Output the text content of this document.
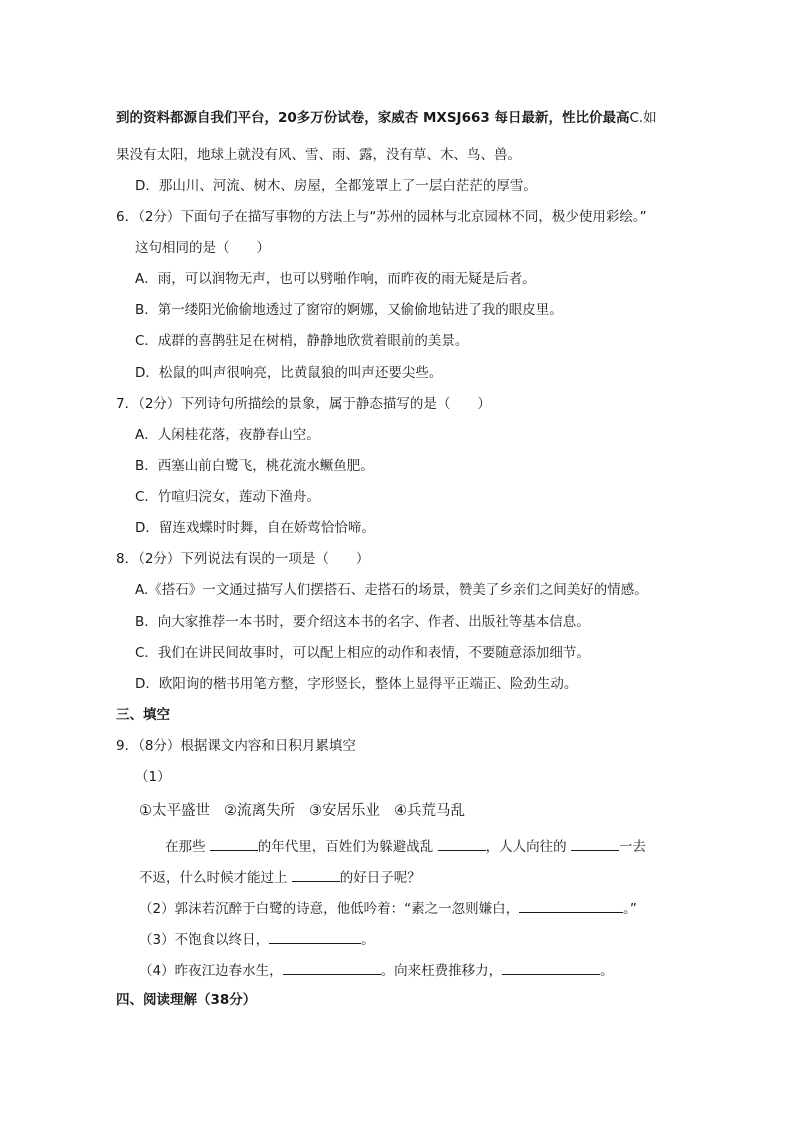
到的资料都源自我们平台，20多万份试卷，家威杏 MXSJ663 每日最新，性比价最高C.如
果没有太阳，地球上就没有风、雪、雨、露，没有草、木、鸟、兽。
D．那山川、河流、树木、房屋，全都笼罩上了一层白茫茫的厚雪。
6．（2分）下面句子在描写事物的方法上与“苏州的园林与北京园林不同，极少使用彩绘。”
这句相同的是（　　）
A．雨，可以润物无声，也可以劈啪作响，而昨夜的雨无疑是后者。
B．第一缕阳光偷偷地透过了窗帘的婀娜，又偷偷地钻进了我的眼皮里。
C．成群的喜鹊驻足在树梢，静静地欣赏着眼前的美景。
D．松鼠的叫声很响亮，比黄鼠狼的叫声还要尖些。
7．（2分）下列诗句所描绘的景象，属于静态描写的是（　　）
A．人闲桂花落，夜静春山空。
B．西塞山前白鹭飞，桃花流水鳜鱼肥。
C．竹喧归浣女，莲动下渔舟。
D．留连戏蝶时时舞，自在娇莺恰恰啼。
8．（2分）下列说法有误的一项是（　　）
A.《搭石》一文通过描写人们摆搭石、走搭石的场景，赞美了乡亲们之间美好的情感。
B．向大家推荐一本书时，要介绍这本书的名字、作者、出版社等基本信息。
C．我们在讲民间故事时，可以配上相应的动作和表情，不要随意添加细节。
D．欧阳询的楷书用笔方整，字形竖长，整体上显得平正端正、险劲生动。
三、填空
9．（8分）根据课文内容和日积月累填空
（1）
①太平盛世 ②流离失所 ③安居乐业 ④兵荒马乱
在那些	的年代里，百姓们为躲避战乱	，人人向往的	一去
不返，什么时候才能过上	的好日子呢？
（2）郭沫若沉醉于白鹭的诗意，他低吟着：“素之一忽则嫌白，	。”
（3）不饱食以终日，	。
（4）昨夜江边春水生，	。向来枉费推移力，	。
四、阅读理解（38分）
